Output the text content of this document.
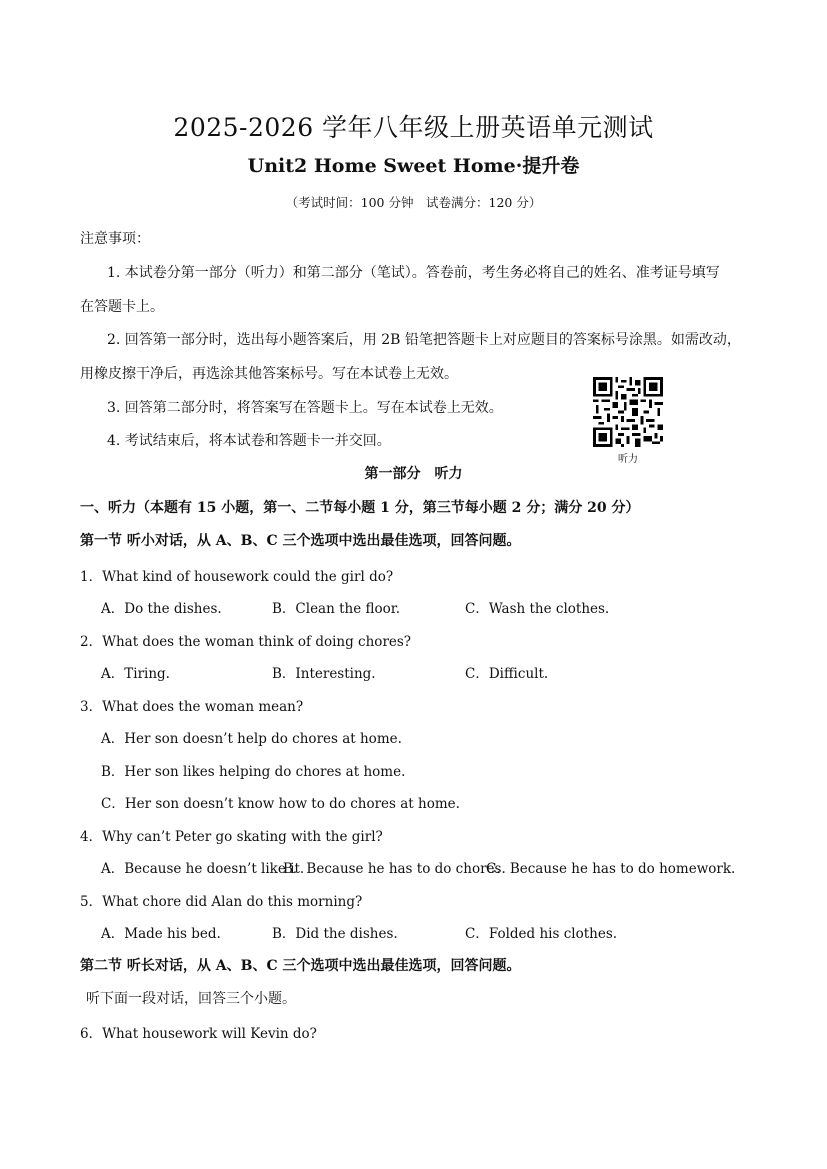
2025-2026 学年八年级上册英语单元测试
Unit2 Home Sweet Home·提升卷
（考试时间：100 分钟　试卷满分：120 分）
注意事项：
1. 本试卷分第一部分（听力）和第二部分（笔试）。答卷前，考生务必将自己的姓名、准考证号填写
在答题卡上。
2. 回答第一部分时，选出每小题答案后，用 2B 铅笔把答题卡上对应题目的答案标号涂黑。如需改动，
用橡皮擦干净后，再选涂其他答案标号。写在本试卷上无效。
3. 回答第二部分时，将答案写在答题卡上。写在本试卷上无效。
4. 考试结束后，将本试卷和答题卡一并交回。
听力
第一部分　听力
一、听力（本题有 15 小题，第一、二节每小题 1 分，第三节每小题 2 分；满分 20 分）
第一节 听小对话，从 A、B、C 三个选项中选出最佳选项，回答问题。
1．What kind of housework could the girl do?
A．Do the dishes.	B．Clean the floor.	C．Wash the clothes.
2．What does the woman think of doing chores?
A．Tiring.	B．Interesting.	C．Difficult.
3．What does the woman mean?
A．Her son doesn’t help do chores at home.
B．Her son likes helping do chores at home.
C．Her son doesn’t know how to do chores at home.
4．Why can’t Peter go skating with the girl?
A．Because he doesn’t like it.
B．Because he has to do chores.
C．Because he has to do homework.
5．What chore did Alan do this morning?
A．Made his bed.	B．Did the dishes.	C．Folded his clothes.
第二节 听长对话，从 A、B、C 三个选项中选出最佳选项，回答问题。
听下面一段对话，回答三个小题。
6．What housework will Kevin do?
